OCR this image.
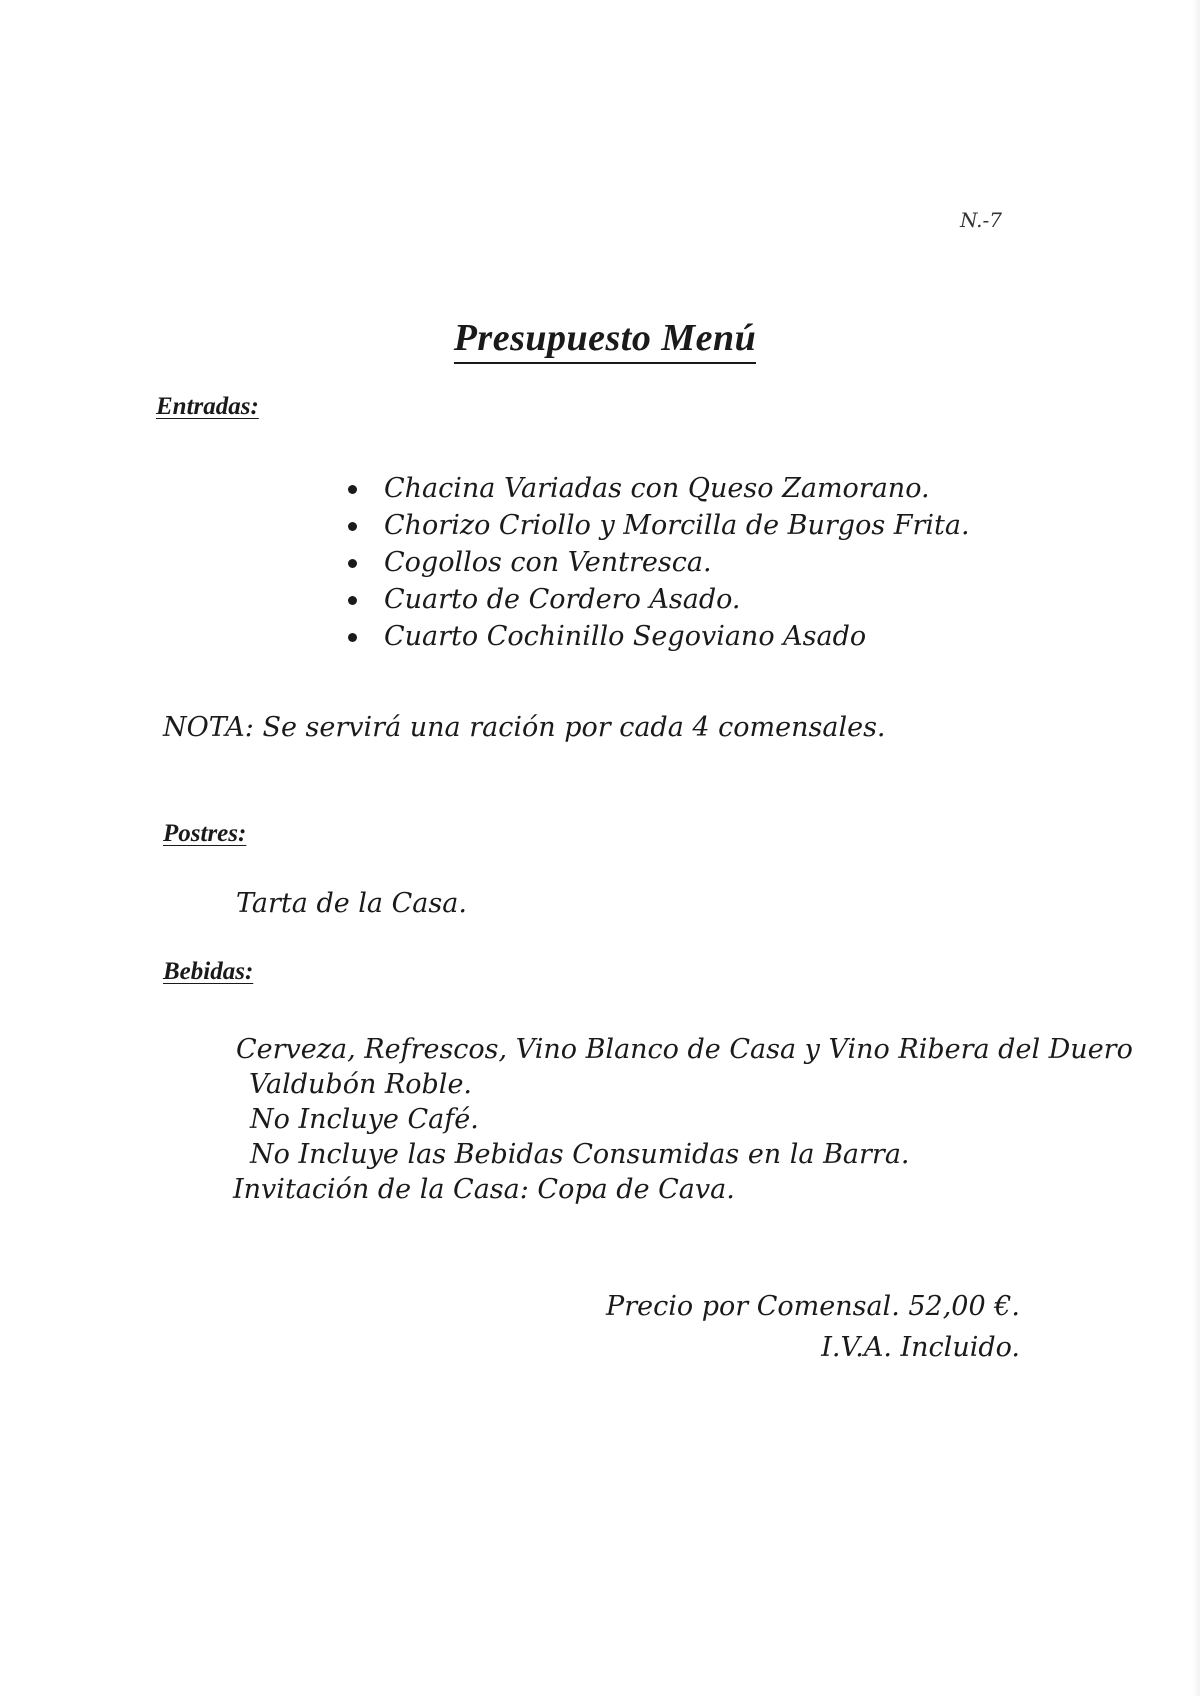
N.-7
Presupuesto Menú
Entradas:
Chacina Variadas con Queso Zamorano.
Chorizo Criollo y Morcilla de Burgos Frita.
Cogollos con Ventresca.
Cuarto de Cordero Asado.
Cuarto Cochinillo Segoviano Asado
NOTA: Se servirá una ración por cada 4 comensales.
Postres:
Tarta de la Casa.
Bebidas:
Cerveza, Refrescos, Vino Blanco de Casa y Vino Ribera del Duero
Valdubón Roble.
No Incluye Café.
No Incluye las Bebidas Consumidas en la Barra.
Invitación de la Casa: Copa de Cava.
Precio por Comensal. 52,00 €.
I.V.A. Incluido.
